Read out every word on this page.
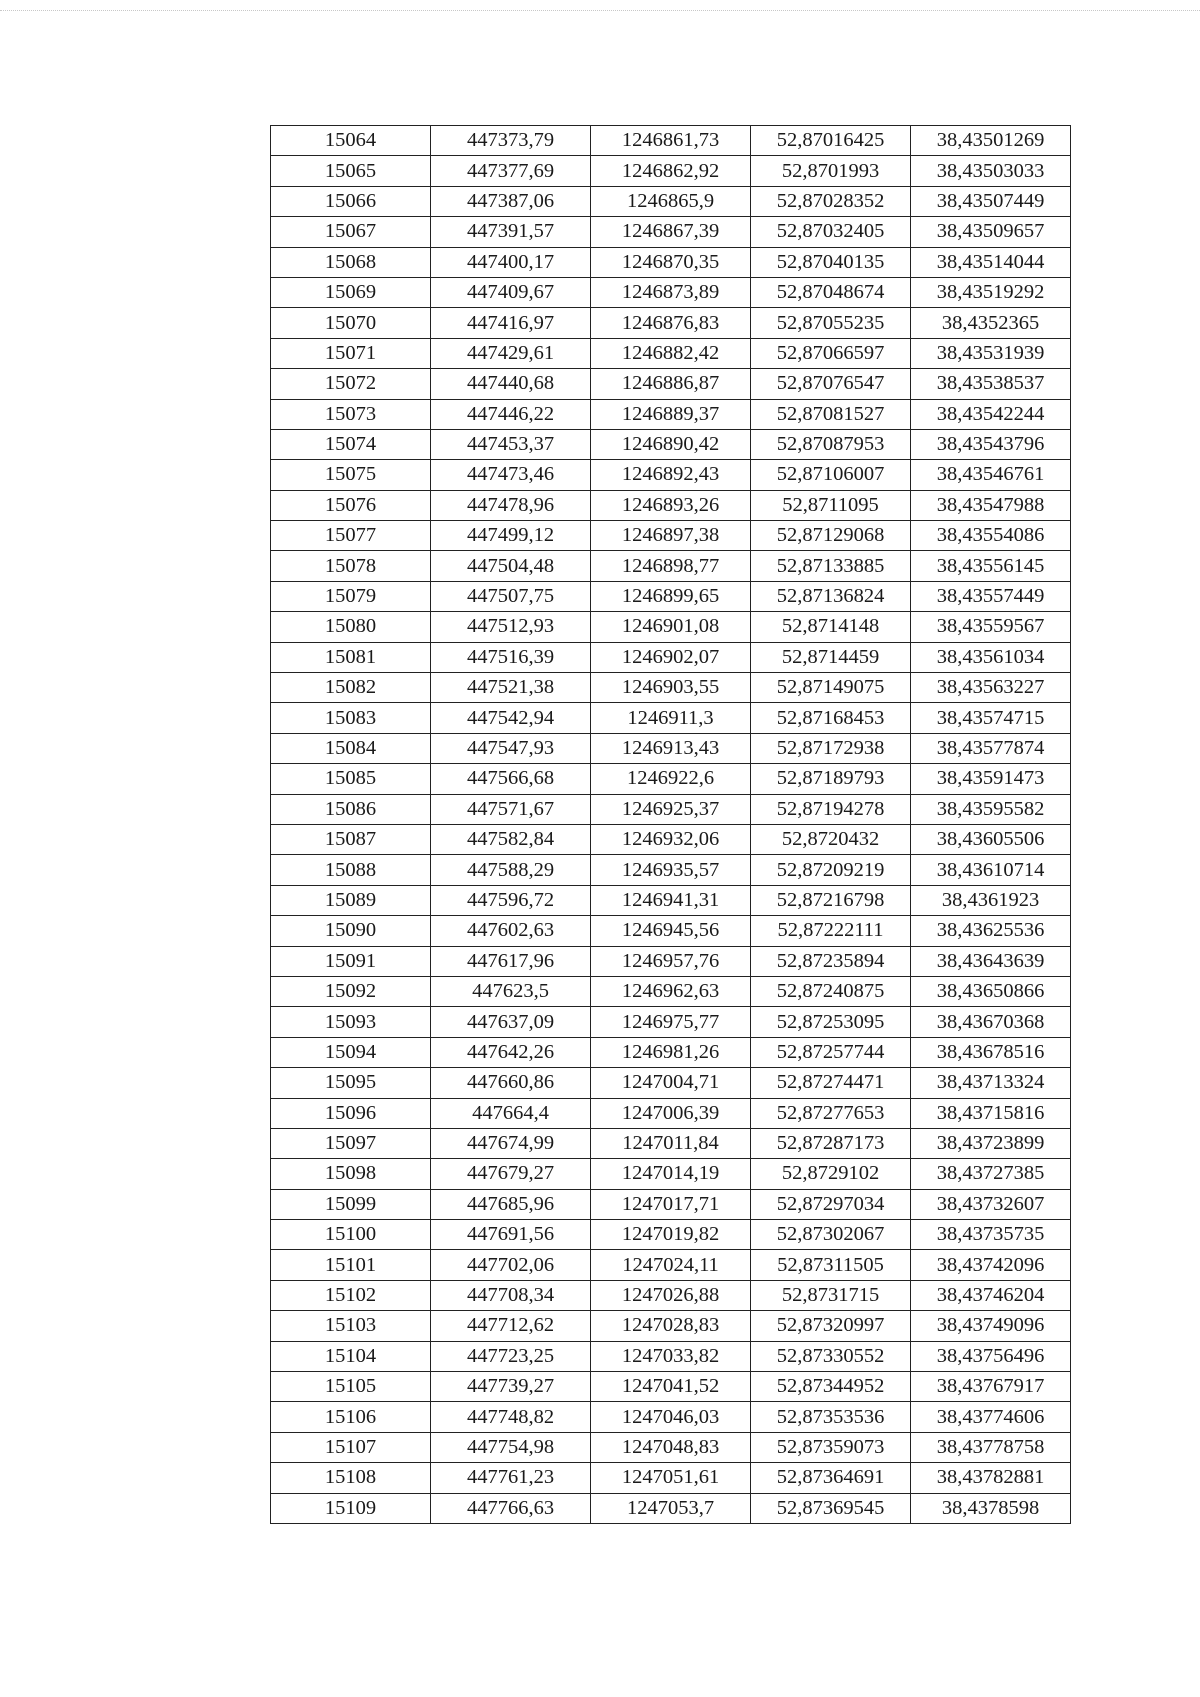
15064	447373,79	1246861,73	52,87016425	38,43501269
15065	447377,69	1246862,92	52,8701993	38,43503033
15066	447387,06	1246865,9	52,87028352	38,43507449
15067	447391,57	1246867,39	52,87032405	38,43509657
15068	447400,17	1246870,35	52,87040135	38,43514044
15069	447409,67	1246873,89	52,87048674	38,43519292
15070	447416,97	1246876,83	52,87055235	38,4352365
15071	447429,61	1246882,42	52,87066597	38,43531939
15072	447440,68	1246886,87	52,87076547	38,43538537
15073	447446,22	1246889,37	52,87081527	38,43542244
15074	447453,37	1246890,42	52,87087953	38,43543796
15075	447473,46	1246892,43	52,87106007	38,43546761
15076	447478,96	1246893,26	52,8711095	38,43547988
15077	447499,12	1246897,38	52,87129068	38,43554086
15078	447504,48	1246898,77	52,87133885	38,43556145
15079	447507,75	1246899,65	52,87136824	38,43557449
15080	447512,93	1246901,08	52,8714148	38,43559567
15081	447516,39	1246902,07	52,8714459	38,43561034
15082	447521,38	1246903,55	52,87149075	38,43563227
15083	447542,94	1246911,3	52,87168453	38,43574715
15084	447547,93	1246913,43	52,87172938	38,43577874
15085	447566,68	1246922,6	52,87189793	38,43591473
15086	447571,67	1246925,37	52,87194278	38,43595582
15087	447582,84	1246932,06	52,8720432	38,43605506
15088	447588,29	1246935,57	52,87209219	38,43610714
15089	447596,72	1246941,31	52,87216798	38,4361923
15090	447602,63	1246945,56	52,87222111	38,43625536
15091	447617,96	1246957,76	52,87235894	38,43643639
15092	447623,5	1246962,63	52,87240875	38,43650866
15093	447637,09	1246975,77	52,87253095	38,43670368
15094	447642,26	1246981,26	52,87257744	38,43678516
15095	447660,86	1247004,71	52,87274471	38,43713324
15096	447664,4	1247006,39	52,87277653	38,43715816
15097	447674,99	1247011,84	52,87287173	38,43723899
15098	447679,27	1247014,19	52,8729102	38,43727385
15099	447685,96	1247017,71	52,87297034	38,43732607
15100	447691,56	1247019,82	52,87302067	38,43735735
15101	447702,06	1247024,11	52,87311505	38,43742096
15102	447708,34	1247026,88	52,8731715	38,43746204
15103	447712,62	1247028,83	52,87320997	38,43749096
15104	447723,25	1247033,82	52,87330552	38,43756496
15105	447739,27	1247041,52	52,87344952	38,43767917
15106	447748,82	1247046,03	52,87353536	38,43774606
15107	447754,98	1247048,83	52,87359073	38,43778758
15108	447761,23	1247051,61	52,87364691	38,43782881
15109	447766,63	1247053,7	52,87369545	38,4378598
